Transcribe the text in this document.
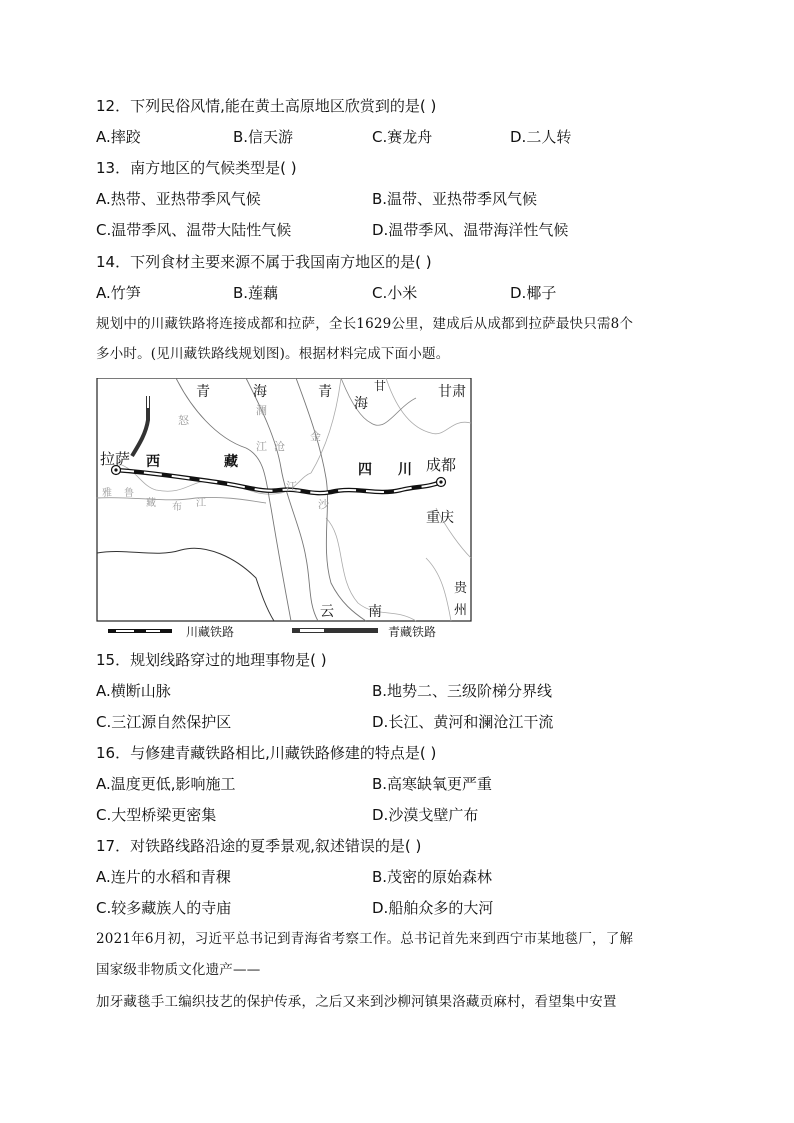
12．下列民俗风情,能在黄土高原地区欣赏到的是( )
A.摔跤	B.信天游	C.赛龙舟	D.二人转
13．南方地区的气候类型是( )
A.热带、亚热带季风气候	B.温带、亚热带季风气候
C.温带季风、温带大陆性气候	D.温带季风、温带海洋性气候
14．下列食材主要来源不属于我国南方地区的是( )
A.竹笋	B.莲藕	C.小米	D.椰子
规划中的川藏铁路将连接成都和拉萨，全长1629公里，建成后从成都到拉萨最快只需8个
多小时。(见川藏铁路线规划图)。根据材料完成下面小题。
青	海	青
海
甘	甘肃
拉萨 西	藏	四 川 成都
重庆
云 南
贵
州
怒
澜
沧
江
金
沙
江
雅 鲁
藏 布 江
川藏铁路	青藏铁路
15．规划线路穿过的地理事物是( )
A.横断山脉	B.地势二、三级阶梯分界线
C.三江源自然保护区	D.长江、黄河和澜沧江干流
16．与修建青藏铁路相比,川藏铁路修建的特点是( )
A.温度更低,影响施工	B.高寒缺氧更严重
C.大型桥梁更密集	D.沙漠戈壁广布
17．对铁路线路沿途的夏季景观,叙述错误的是( )
A.连片的水稻和青稞	B.茂密的原始森林
C.较多藏族人的寺庙	D.船舶众多的大河
2021年6月初，习近平总书记到青海省考察工作。总书记首先来到西宁市某地毯厂，了解
国家级非物质文化遗产——
加牙藏毯手工编织技艺的保护传承，之后又来到沙柳河镇果洛藏贡麻村，看望集中安置
